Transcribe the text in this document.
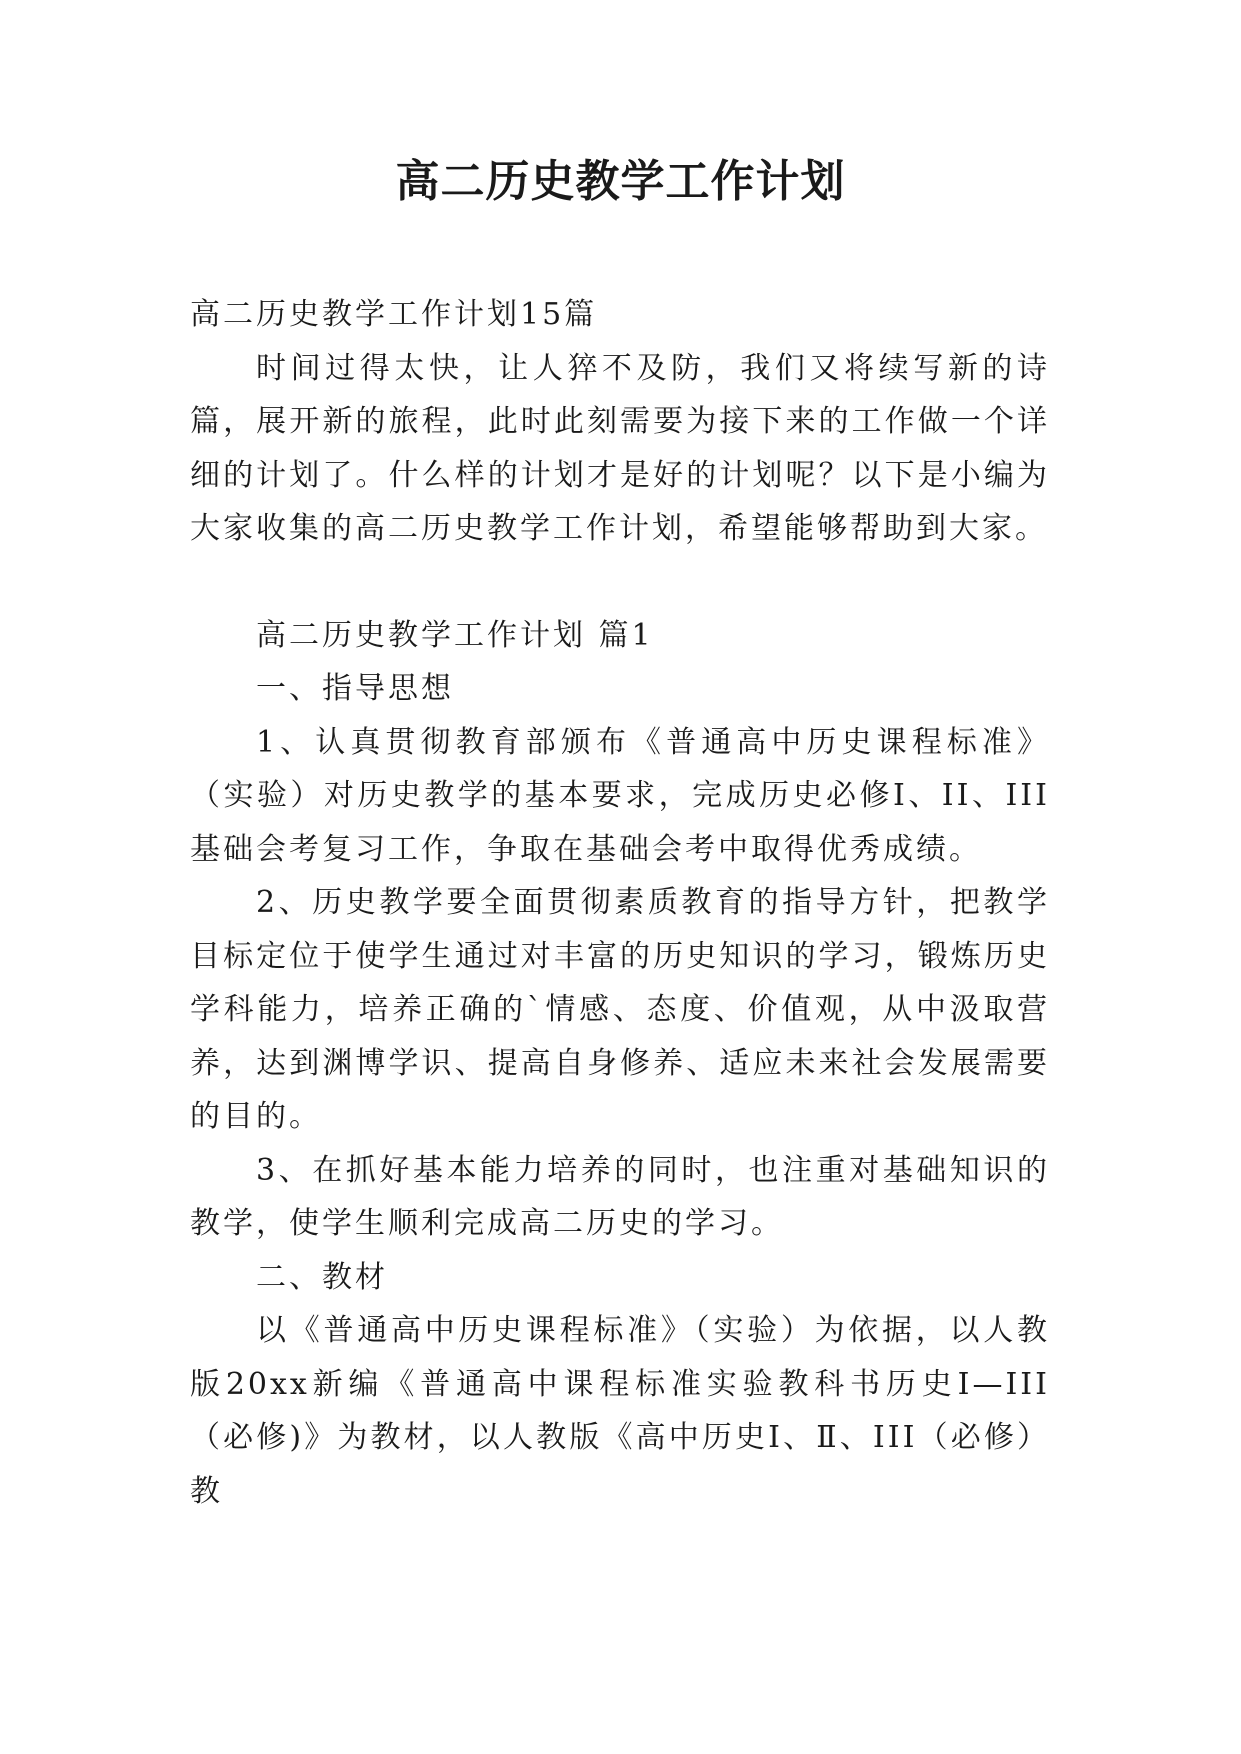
高二历史教学工作计划

高二历史教学工作计划15篇

时间过得太快，让人猝不及防，我们又将续写新的诗篇，展开新的旅程，此时此刻需要为接下来的工作做一个详细的计划了。什么样的计划才是好的计划呢？以下是小编为大家收集的高二历史教学工作计划，希望能够帮助到大家。

高二历史教学工作计划 篇1

一、指导思想

1、认真贯彻教育部颁布《普通高中历史课程标准》（实验）对历史教学的基本要求，完成历史必修I、II、III基础会考复习工作，争取在基础会考中取得优秀成绩。

2、历史教学要全面贯彻素质教育的指导方针，把教学目标定位于使学生通过对丰富的历史知识的学习，锻炼历史学科能力，培养正确的`情感、态度、价值观，从中汲取营养，达到渊博学识、提高自身修养、适应未来社会发展需要的目的。

3、在抓好基本能力培养的同时，也注重对基础知识的教学，使学生顺利完成高二历史的学习。

二、教材

以《普通高中历史课程标准》（实验）为依据，以人教版20xx新编《普通高中课程标准实验教科书历史I—III（必修)》为教材，以人教版《高中历史I、Ⅱ、III（必修）教
